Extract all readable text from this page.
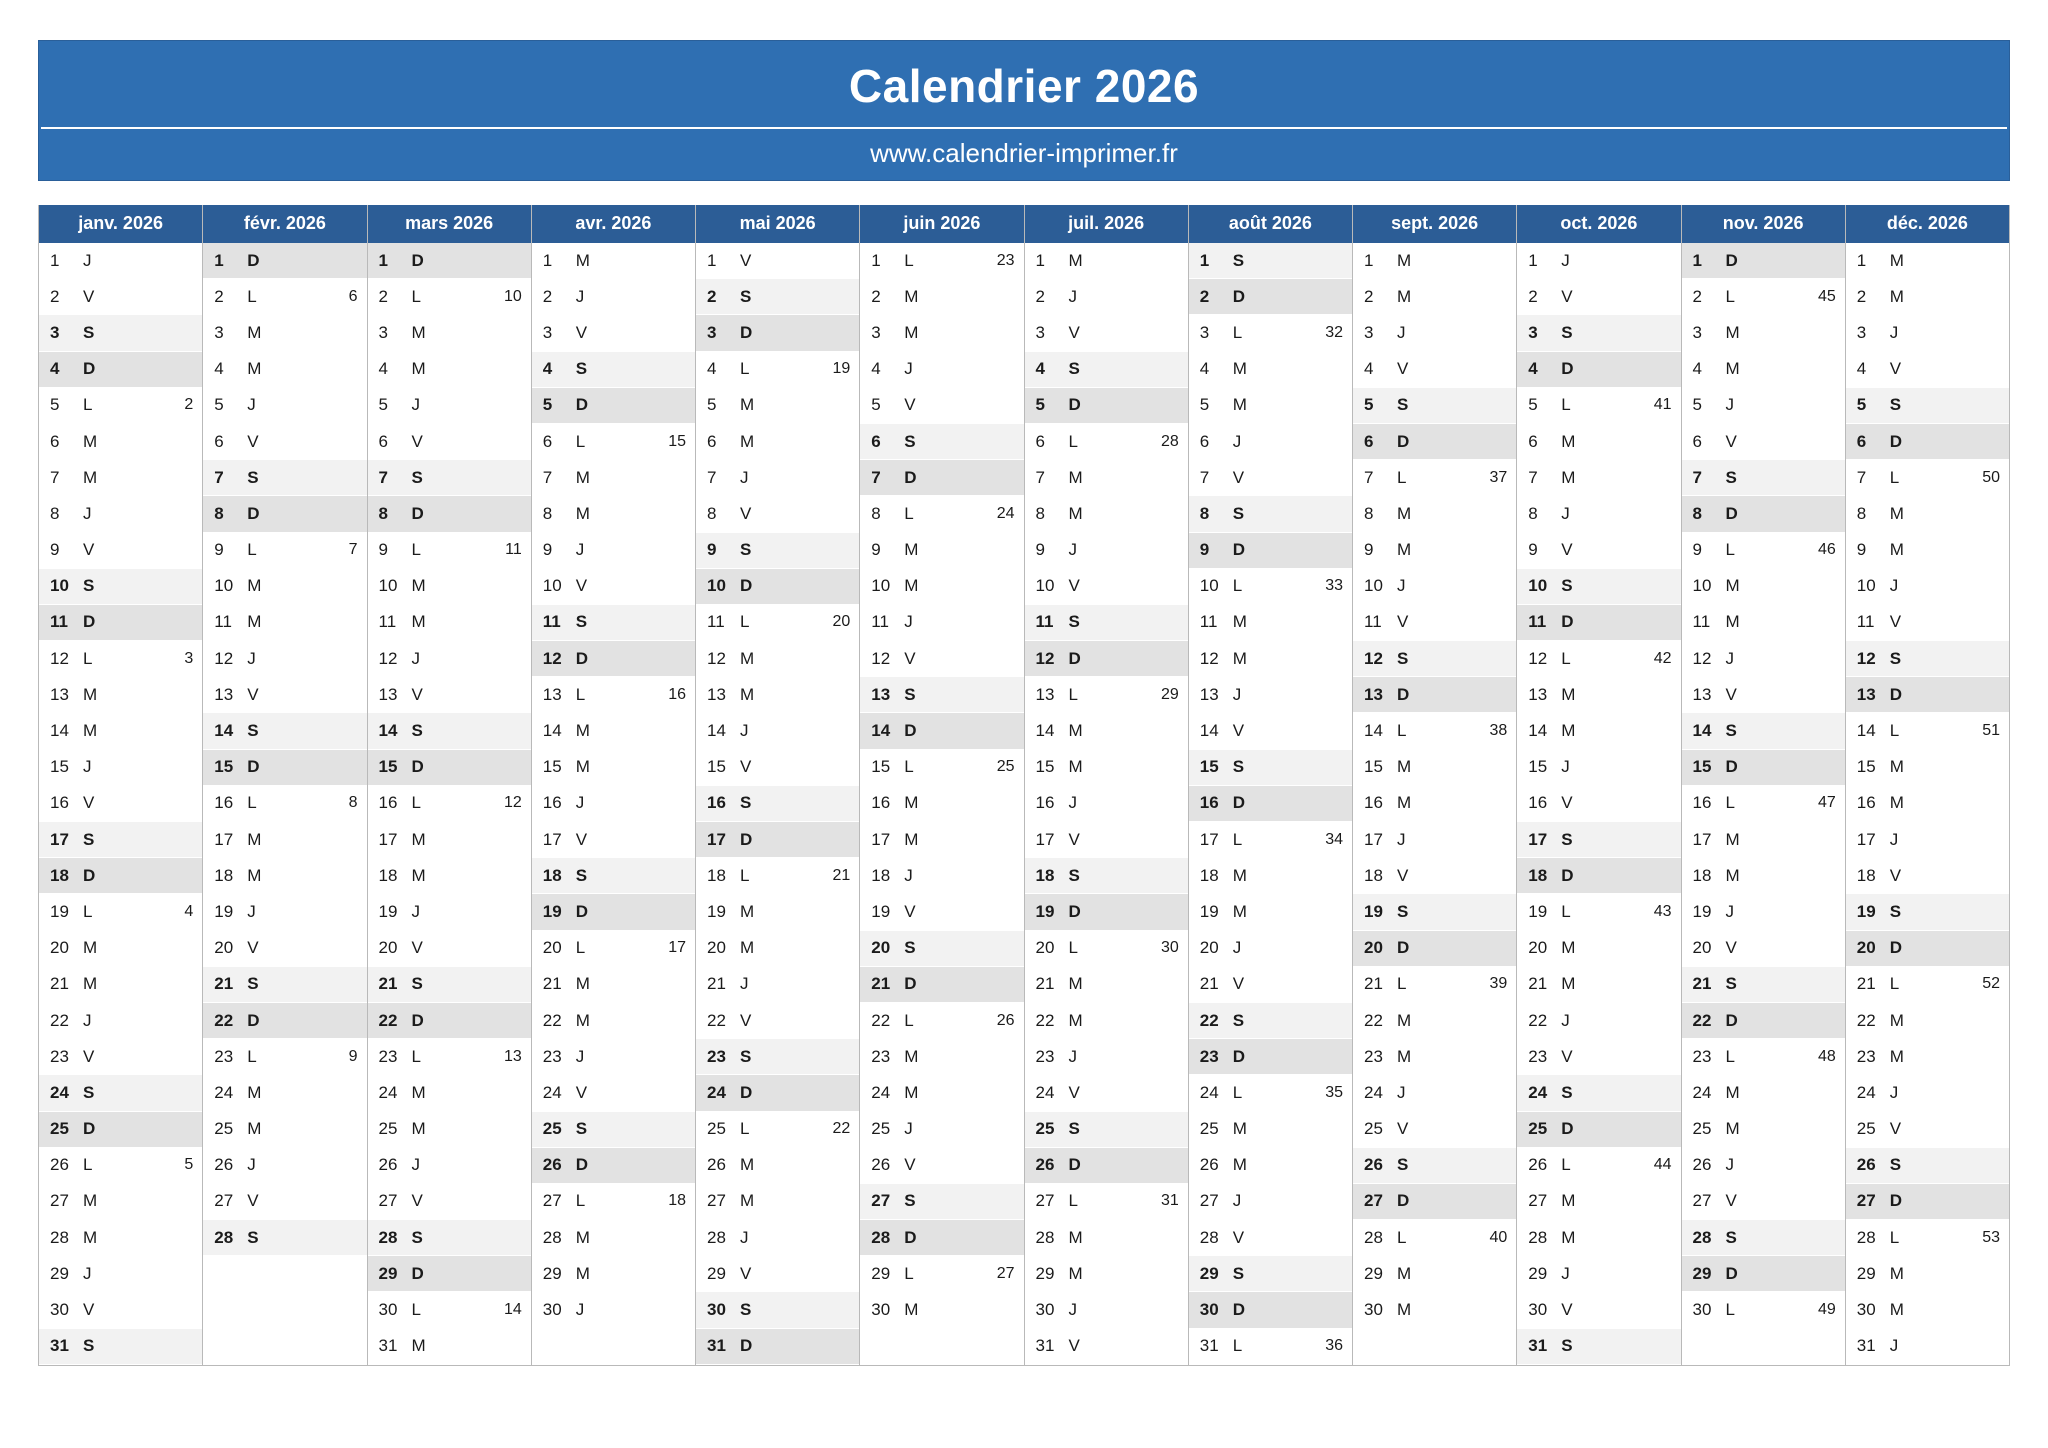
Calendrier 2026
www.calendrier-imprimer.fr
janv. 2026
1	J
2	V
3	S
4	D
5	L	2
6	M
7	M
8	J
9	V
10 S
11 D
12 L	3
13 M
14 M
15 J
16 V
17 S
18 D
19 L	4
20 M
21 M
22 J
23 V
24 S
25 D
26 L	5
27 M
28 M
29 J
30 V
31 S
févr. 2026
1	D
2	L	6
3	M
4	M
5	J
6	V
7	S
8	D
9	L	7
10 M
11 M
12 J
13 V
14 S
15 D
16 L	8
17 M
18 M
19 J
20 V
21 S
22 D
23 L	9
24 M
25 M
26 J
27 V
28 S
mars 2026
1	D
2	L	10
3	M
4	M
5	J
6	V
7	S
8	D
9	L	11
10 M
11 M
12 J
13 V
14 S
15 D
16 L	12
17 M
18 M
19 J
20 V
21 S
22 D
23 L	13
24 M
25 M
26 J
27 V
28 S
29 D
30 L	14
31 M
avr. 2026
1	M
2	J
3	V
4	S
5	D
6	L	15
7	M
8	M
9	J
10 V
11 S
12 D
13 L	16
14 M
15 M
16 J
17 V
18 S
19 D
20 L	17
21 M
22 M
23 J
24 V
25 S
26 D
27 L	18
28 M
29 M
30 J
mai 2026
1	V
2	S
3	D
4	L	19
5	M
6	M
7	J
8	V
9	S
10 D
11 L	20
12 M
13 M
14 J
15 V
16 S
17 D
18 L	21
19 M
20 M
21 J
22 V
23 S
24 D
25 L	22
26 M
27 M
28 J
29 V
30 S
31 D
juin 2026
1	L	23
2	M
3	M
4	J
5	V
6	S
7	D
8	L	24
9	M
10 M
11 J
12 V
13 S
14 D
15 L	25
16 M
17 M
18 J
19 V
20 S
21 D
22 L	26
23 M
24 M
25 J
26 V
27 S
28 D
29 L	27
30 M
juil. 2026
1	M
2	J
3	V
4	S
5	D
6	L	28
7	M
8	M
9	J
10 V
11 S
12 D
13 L	29
14 M
15 M
16 J
17 V
18 S
19 D
20 L	30
21 M
22 M
23 J
24 V
25 S
26 D
27 L	31
28 M
29 M
30 J
31 V
août 2026
1	S
2	D
3	L	32
4	M
5	M
6	J
7	V
8	S
9	D
10 L	33
11 M
12 M
13 J
14 V
15 S
16 D
17 L	34
18 M
19 M
20 J
21 V
22 S
23 D
24 L	35
25 M
26 M
27 J
28 V
29 S
30 D
31 L	36
sept. 2026
1	M
2	M
3	J
4	V
5	S
6	D
7	L	37
8	M
9	M
10 J
11 V
12 S
13 D
14 L	38
15 M
16 M
17 J
18 V
19 S
20 D
21 L	39
22 M
23 M
24 J
25 V
26 S
27 D
28 L	40
29 M
30 M
oct. 2026
1	J
2	V
3	S
4	D
5	L	41
6	M
7	M
8	J
9	V
10 S
11 D
12 L	42
13 M
14 M
15 J
16 V
17 S
18 D
19 L	43
20 M
21 M
22 J
23 V
24 S
25 D
26 L	44
27 M
28 M
29 J
30 V
31 S
nov. 2026
1	D
2	L	45
3	M
4	M
5	J
6	V
7	S
8	D
9	L	46
10 M
11 M
12 J
13 V
14 S
15 D
16 L	47
17 M
18 M
19 J
20 V
21 S
22 D
23 L	48
24 M
25 M
26 J
27 V
28 S
29 D
30 L	49
déc. 2026
1	M
2	M
3	J
4	V
5	S
6	D
7	L	50
8	M
9	M
10 J
11 V
12 S
13 D
14 L	51
15 M
16 M
17 J
18 V
19 S
20 D
21 L	52
22 M
23 M
24 J
25 V
26 S
27 D
28 L	53
29 M
30 M
31 J
